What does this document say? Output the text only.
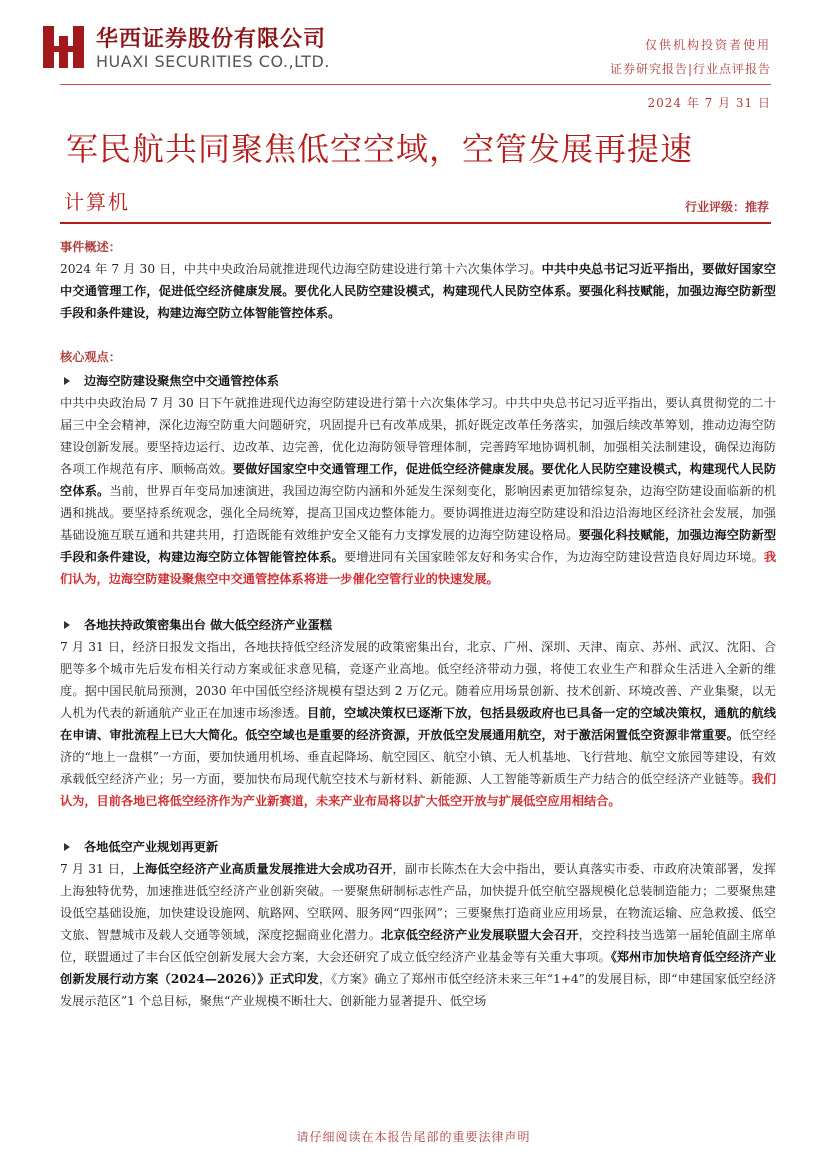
华西证券股份有限公司
HUAXI SECURITIES CO.,LTD.
仅供机构投资者使用
证券研究报告|行业点评报告
2024 年 7 月 31 日
军民航共同聚焦低空空域，空管发展再提速
计算机	行业评级：推荐
事件概述：

2024 年 7 月 30 日，中共中央政治局就推进现代边海空防建设进行第十六次集体学习。中共中央总书记习近平指出，要做好国家空中交通管理工作，促进低空经济健康发展。要优化人民防空建设模式，构建现代人民防空体系。要强化科技赋能，加强边海空防新型手段和条件建设，构建边海空防立体智能管控体系。

核心观点：
边海空防建设聚焦空中交通管控体系

中共中央政治局 7 月 30 日下午就推进现代边海空防建设进行第十六次集体学习。中共中央总书记习近平指出，要认真贯彻党的二十届三中全会精神，深化边海空防重大问题研究，巩固提升已有改革成果，抓好既定改革任务落实，加强后续改革筹划，推动边海空防建设创新发展。要坚持边运行、边改革、边完善，优化边海防领导管理体制，完善跨军地协调机制，加强相关法制建设，确保边海防各项工作规范有序、顺畅高效。要做好国家空中交通管理工作，促进低空经济健康发展。要优化人民防空建设模式，构建现代人民防空体系。当前，世界百年变局加速演进，我国边海空防内涵和外延发生深刻变化，影响因素更加错综复杂，边海空防建设面临新的机遇和挑战。要坚持系统观念，强化全局统筹，提高卫国戍边整体能力。要协调推进边海空防建设和沿边沿海地区经济社会发展，加强基础设施互联互通和共建共用，打造既能有效维护安全又能有力支撑发展的边海空防建设格局。要强化科技赋能，加强边海空防新型手段和条件建设，构建边海空防立体智能管控体系。要增进同有关国家睦邻友好和务实合作，为边海空防建设营造良好周边环境。我们认为，边海空防建设聚焦空中交通管控体系将进一步催化空管行业的快速发展。

各地扶持政策密集出台 做大低空经济产业蛋糕

7 月 31 日，经济日报发文指出，各地扶持低空经济发展的政策密集出台，北京、广州、深圳、天津、南京、苏州、武汉、沈阳、合肥等多个城市先后发布相关行动方案或征求意见稿，竞逐产业高地。低空经济带动力强，将使工农业生产和群众生活进入全新的维度。据中国民航局预测，2030 年中国低空经济规模有望达到 2 万亿元。随着应用场景创新、技术创新、环境改善、产业集聚，以无人机为代表的新通航产业正在加速市场渗透。目前，空域决策权已逐渐下放，包括县级政府也已具备一定的空域决策权，通航的航线在申请、审批流程上已大大简化。低空空域也是重要的经济资源，开放低空发展通用航空，对于激活闲置低空资源非常重要。低空经济的“地上一盘棋”一方面，要加快通用机场、垂直起降场、航空园区、航空小镇、无人机基地、飞行营地、航空文旅园等建设，有效承载低空经济产业；另一方面，要加快布局现代航空技术与新材料、新能源、人工智能等新质生产力结合的低空经济产业链等。我们认为，目前各地已将低空经济作为产业新赛道，未来产业布局将以扩大低空开放与扩展低空应用相结合。

各地低空产业规划再更新

7 月 31 日，上海低空经济产业高质量发展推进大会成功召开，副市长陈杰在大会中指出，要认真落实市委、市政府决策部署，发挥上海独特优势，加速推进低空经济产业创新突破。一要聚焦研制标志性产品，加快提升低空航空器规模化总装制造能力；二要聚焦建设低空基础设施，加快建设设施网、航路网、空联网、服务网“四张网”；三要聚焦打造商业应用场景，在物流运输、应急救援、低空文旅、智慧城市及载人交通等领域，深度挖掘商业化潜力。北京低空经济产业发展联盟大会召开，交控科技当选第一届轮值副主席单位，联盟通过了丰台区低空创新发展大会方案，大会还研究了成立低空经济产业基金等有关重大事项。《郑州市加快培育低空经济产业创新发展行动方案（2024—2026）》正式印发，《方案》确立了郑州市低空经济未来三年“1+4”的发展目标，即“申建国家低空经济发展示范区”1 个总目标，聚焦“产业规模不断壮大、创新能力显著提升、低空场

请仔细阅读在本报告尾部的重要法律声明
